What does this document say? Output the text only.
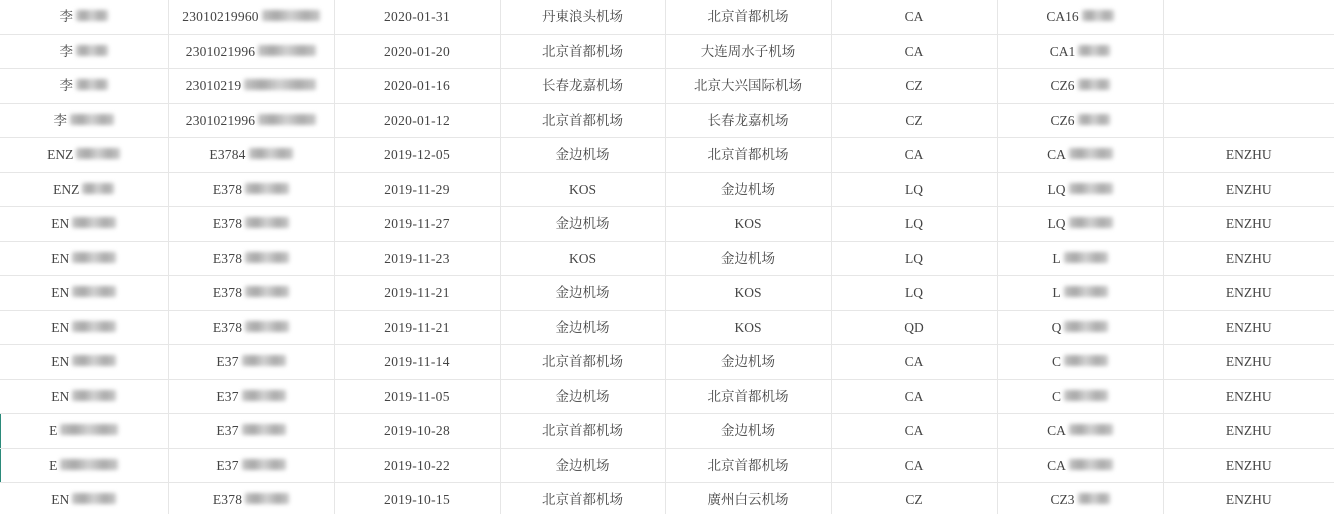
李	23010219960	2020-01-31	丹東浪头机场	北京首都机场	CA	CA16	

李	2301021996	2020-01-20	北京首都机场	大连周水子机场	CA	CA1	

李	23010219	2020-01-16	长春龙嘉机场	北京大兴国际机场	CZ	CZ6	

李	2301021996	2020-01-12	北京首都机场	长春龙嘉机场	CZ	CZ6	

ENZ	E3784	2019-12-05	金边机场	北京首都机场	CA	CA	ENZHU

ENZ	E378	2019-11-29	KOS	金边机场	LQ	LQ	ENZHU

EN	E378	2019-11-27	金边机场	KOS	LQ	LQ	ENZHU

EN	E378	2019-11-23	KOS	金边机场	LQ	L	ENZHU

EN	E378	2019-11-21	金边机场	KOS	LQ	L	ENZHU

EN	E378	2019-11-21	金边机场	KOS	QD	Q	ENZHU

EN	E37	2019-11-14	北京首都机场	金边机场	CA	C	ENZHU

EN	E37	2019-11-05	金边机场	北京首都机场	CA	C	ENZHU

E	E37	2019-10-28	北京首都机场	金边机场	CA	CA	ENZHU

E	E37	2019-10-22	金边机场	北京首都机场	CA	CA	ENZHU

EN	E378	2019-10-15	北京首都机场	廣州白云机场	CZ	CZ3	ENZHU
